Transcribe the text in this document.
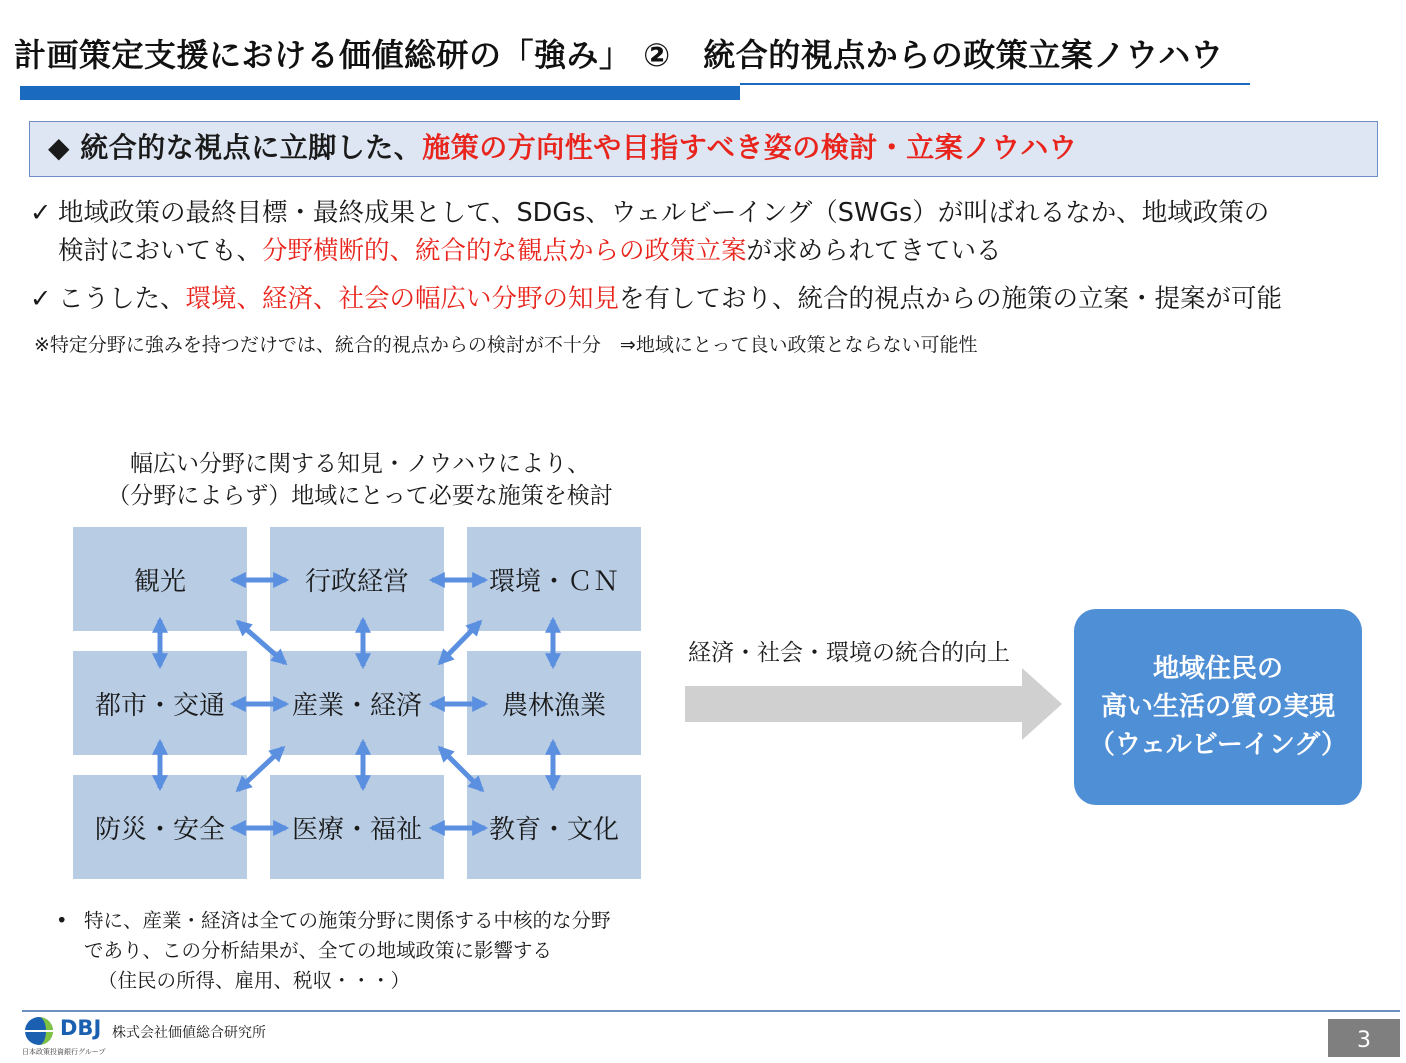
計画策定支援における価値総研の「強み」 ②　統合的視点からの政策立案ノウハウ
◆ 統合的な視点に立脚した、施策の方向性や目指すべき姿の検討・立案ノウハウ
✓ 地域政策の最終目標・最終成果として、SDGs、ウェルビーイング（SWGs）が叫ばれるなか、地域政策の
検討においても、分野横断的、統合的な観点からの政策立案が求められてきている
✓ こうした、環境、経済、社会の幅広い分野の知見を有しており、統合的視点からの施策の立案・提案が可能
※特定分野に強みを持つだけでは、統合的視点からの検討が不十分　⇒地域にとって良い政策とならない可能性
幅広い分野に関する知見・ノウハウにより、
（分野によらず）地域にとって必要な施策を検討
観光	行政経営	環境・ＣＮ
都市・交通	産業・経済	農林漁業
防災・安全	医療・福祉	教育・文化
経済・社会・環境の統合的向上
地域住民の
高い生活の質の実現
（ウェルビーイング）
• 特に、産業・経済は全ての施策分野に関係する中核的な分野
であり、この分析結果が、全ての地域政策に影響する
（住民の所得、雇用、税収・・・）
DBJ
日本政策投資銀行グループ
株式会社価値総合研究所	3
